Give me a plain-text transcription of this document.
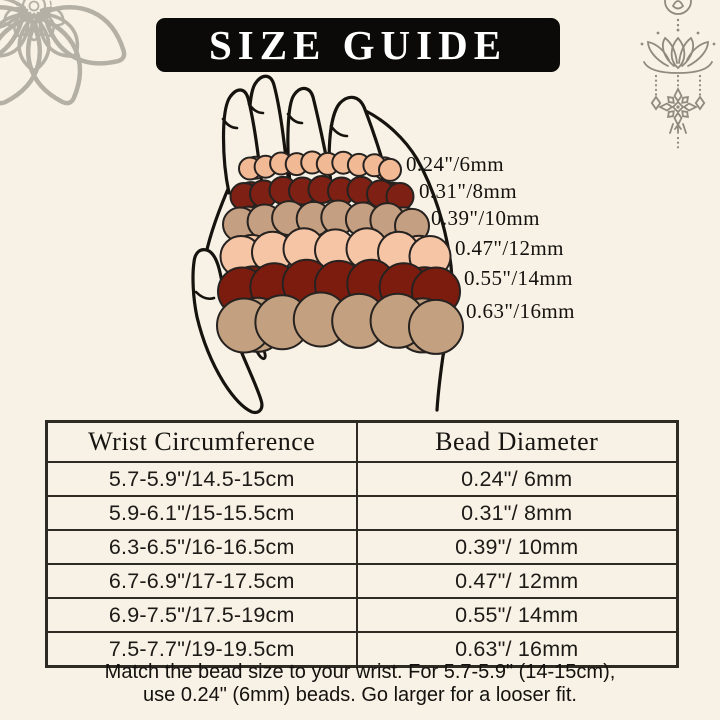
SIZE GUIDE
0.24"/6mm
0.31"/8mm
0.39"/10mm
0.47"/12mm
0.55"/14mm
0.63"/16mm
Wrist Circumference	Bead Diameter
5.7-5.9"/14.5-15cm	0.24"/ 6mm
5.9-6.1"/15-15.5cm	0.31"/ 8mm
6.3-6.5"/16-16.5cm	0.39"/ 10mm
6.7-6.9"/17-17.5cm	0.47"/ 12mm
6.9-7.5"/17.5-19cm	0.55"/ 14mm
7.5-7.7"/19-19.5cm	0.63"/ 16mm
Match the bead size to your wrist. For 5.7-5.9" (14-15cm),
use 0.24" (6mm) beads. Go larger for a looser fit.
